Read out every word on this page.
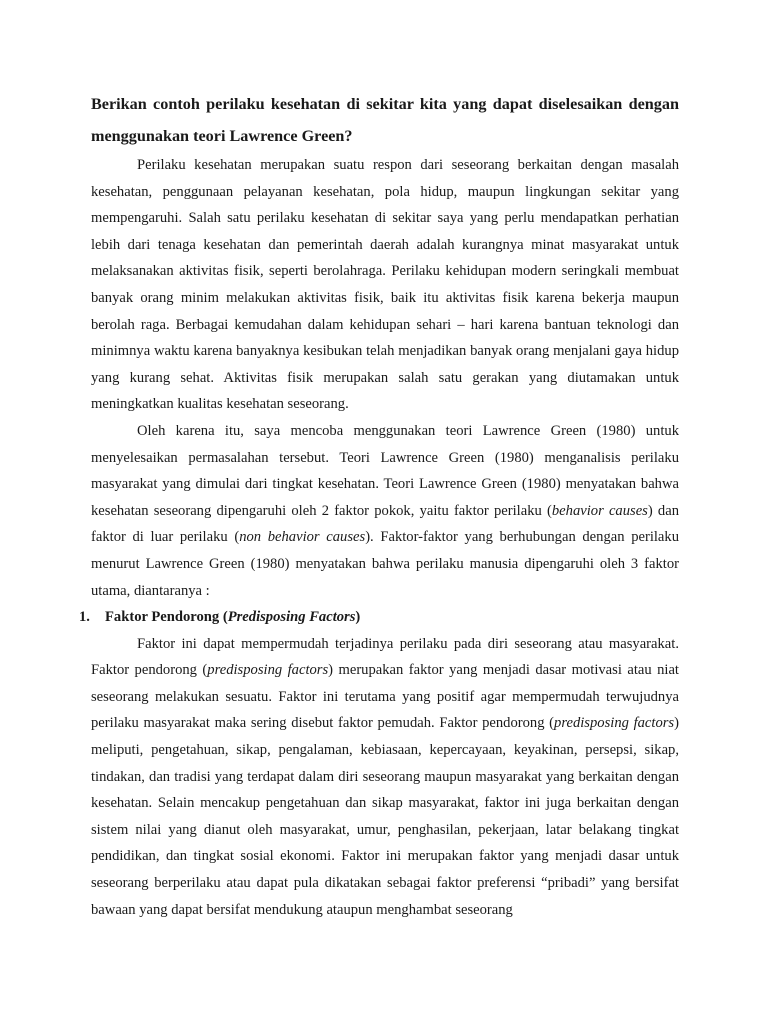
Berikan contoh perilaku kesehatan di sekitar kita yang dapat diselesaikan dengan menggunakan teori Lawrence Green?

Perilaku kesehatan merupakan suatu respon dari seseorang berkaitan dengan masalah kesehatan, penggunaan pelayanan kesehatan, pola hidup, maupun lingkungan sekitar yang mempengaruhi. Salah satu perilaku kesehatan di sekitar saya yang perlu mendapatkan perhatian lebih dari tenaga kesehatan dan pemerintah daerah adalah kurangnya minat masyarakat untuk melaksanakan aktivitas fisik, seperti berolahraga. Perilaku kehidupan modern seringkali membuat banyak orang minim melakukan aktivitas fisik, baik itu aktivitas fisik karena bekerja maupun berolah raga. Berbagai kemudahan dalam kehidupan sehari – hari karena bantuan teknologi dan minimnya waktu karena banyaknya kesibukan telah menjadikan banyak orang menjalani gaya hidup yang kurang sehat. Aktivitas fisik merupakan salah satu gerakan yang diutamakan untuk meningkatkan kualitas kesehatan seseorang.

Oleh karena itu, saya mencoba menggunakan teori Lawrence Green (1980) untuk menyelesaikan permasalahan tersebut. Teori Lawrence Green (1980) menganalisis perilaku masyarakat yang dimulai dari tingkat kesehatan. Teori Lawrence Green (1980) menyatakan bahwa kesehatan seseorang dipengaruhi oleh 2 faktor pokok, yaitu faktor perilaku (behavior causes) dan faktor di luar perilaku (non behavior causes). Faktor-faktor yang berhubungan dengan perilaku menurut Lawrence Green (1980) menyatakan bahwa perilaku manusia dipengaruhi oleh 3 faktor utama, diantaranya :

1. Faktor Pendorong (Predisposing Factors)

Faktor ini dapat mempermudah terjadinya perilaku pada diri seseorang atau masyarakat. Faktor pendorong (predisposing factors) merupakan faktor yang menjadi dasar motivasi atau niat seseorang melakukan sesuatu. Faktor ini terutama yang positif agar mempermudah terwujudnya perilaku masyarakat maka sering disebut faktor pemudah. Faktor pendorong (predisposing factors) meliputi, pengetahuan, sikap, pengalaman, kebiasaan, kepercayaan, keyakinan, persepsi, sikap, tindakan, dan tradisi yang terdapat dalam diri seseorang maupun masyarakat yang berkaitan dengan kesehatan. Selain mencakup pengetahuan dan sikap masyarakat, faktor ini juga berkaitan dengan sistem nilai yang dianut oleh masyarakat, umur, penghasilan, pekerjaan, latar belakang tingkat pendidikan, dan tingkat sosial ekonomi. Faktor ini merupakan faktor yang menjadi dasar untuk seseorang berperilaku atau dapat pula dikatakan sebagai faktor preferensi “pribadi” yang bersifat bawaan yang dapat bersifat mendukung ataupun menghambat seseorang
